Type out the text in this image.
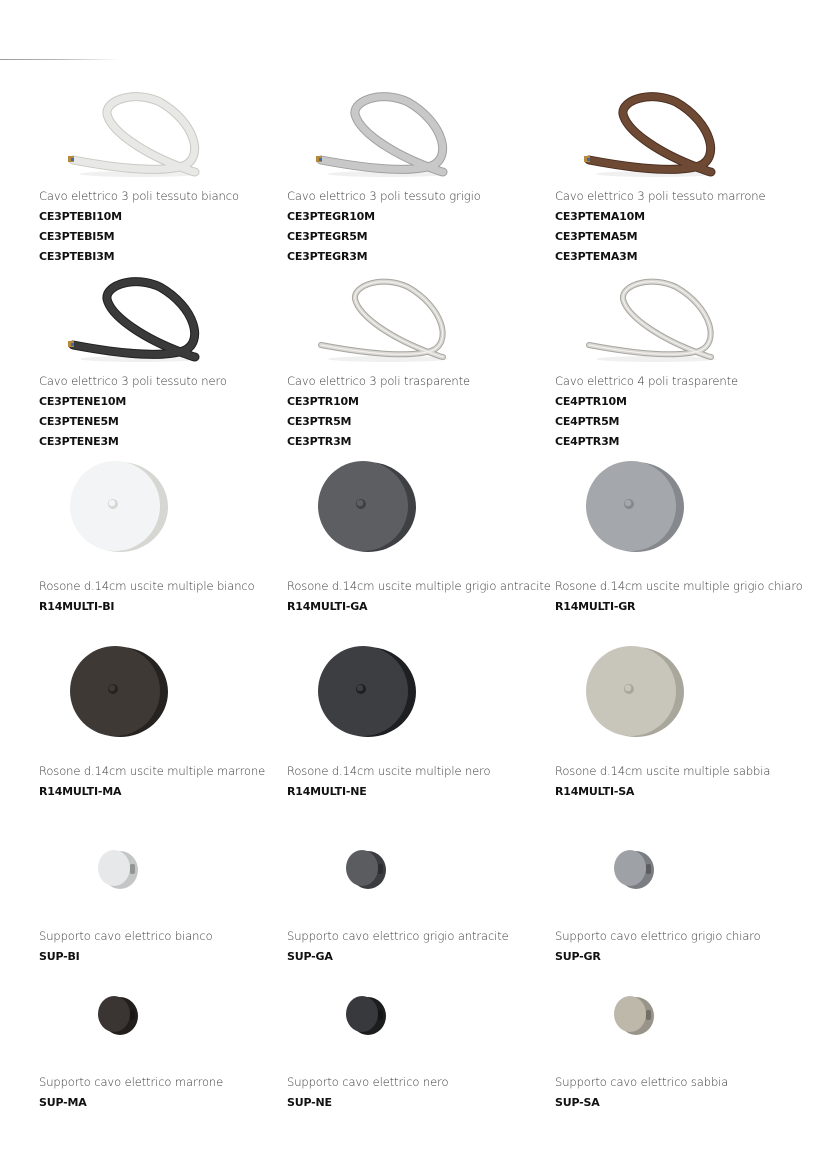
Cavo elettrico 3 poli tessuto bianco
CE3PTEBI10M
CE3PTEBI5M
CE3PTEBI3M
Cavo elettrico 3 poli tessuto grigio
CE3PTEGR10M
CE3PTEGR5M
CE3PTEGR3M
Cavo elettrico 3 poli tessuto marrone
CE3PTEMA10M
CE3PTEMA5M
CE3PTEMA3M
Cavo elettrico 3 poli tessuto nero
CE3PTENE10M
CE3PTENE5M
CE3PTENE3M
Cavo elettrico 3 poli trasparente
CE3PTR10M
CE3PTR5M
CE3PTR3M
Cavo elettrico 4 poli trasparente
CE4PTR10M
CE4PTR5M
CE4PTR3M
Rosone d.14cm uscite multiple bianco
R14MULTI-BI
Rosone d.14cm uscite multiple grigio antracite
R14MULTI-GA
Rosone d.14cm uscite multiple grigio chiaro
R14MULTI-GR
Rosone d.14cm uscite multiple marrone
R14MULTI-MA
Rosone d.14cm uscite multiple nero
R14MULTI-NE
Rosone d.14cm uscite multiple sabbia
R14MULTI-SA
Supporto cavo elettrico bianco
SUP-BI
Supporto cavo elettrico grigio antracite
SUP-GA
Supporto cavo elettrico grigio chiaro
SUP-GR
Supporto cavo elettrico marrone
SUP-MA
Supporto cavo elettrico nero
SUP-NE
Supporto cavo elettrico sabbia
SUP-SA
